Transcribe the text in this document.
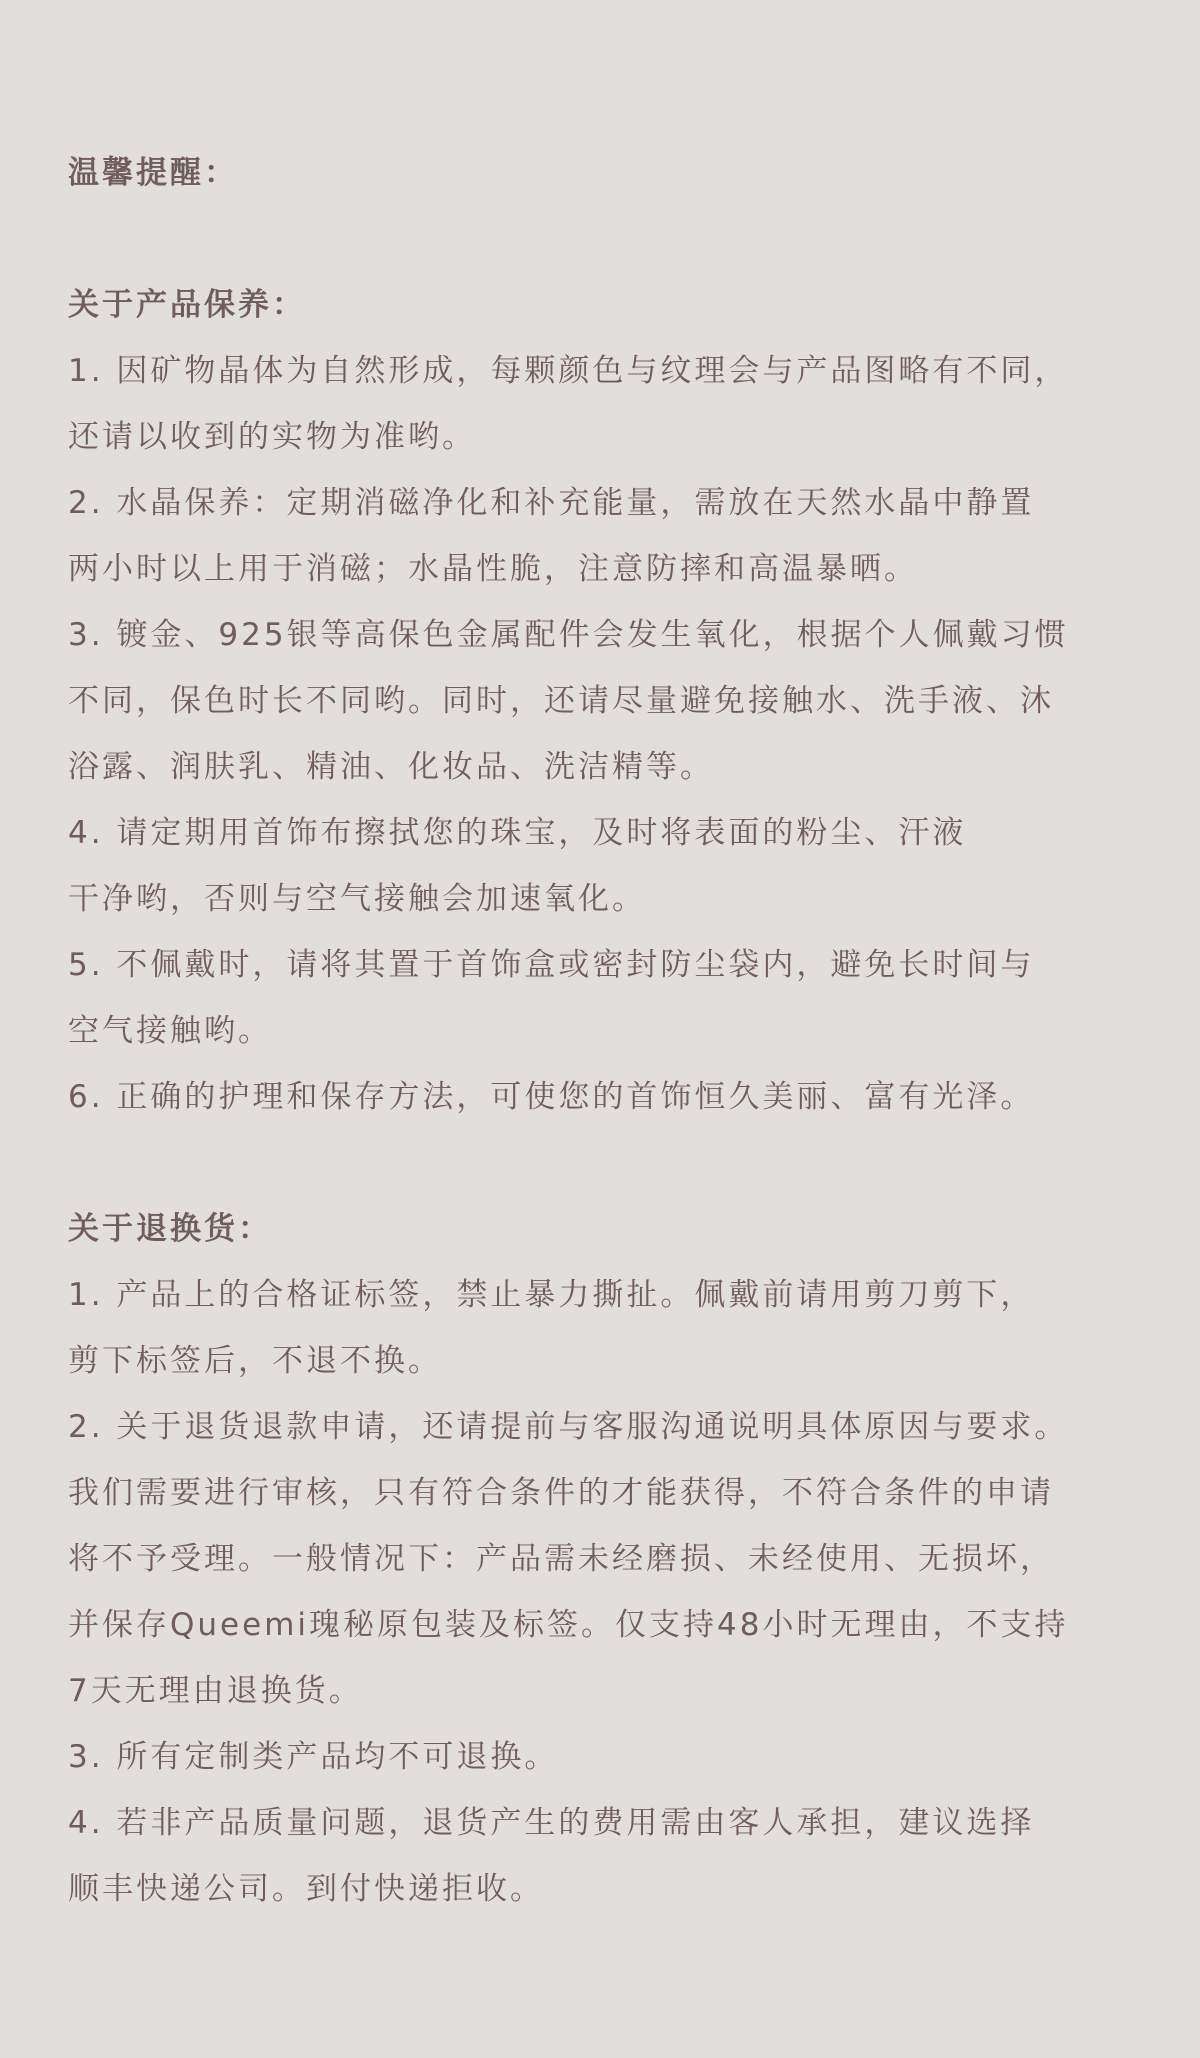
温馨提醒：
关于产品保养：
1. 因矿物晶体为自然形成，每颗颜色与纹理会与产品图略有不同，
还请以收到的实物为准哟。
2. 水晶保养：定期消磁净化和补充能量，需放在天然水晶中静置
两小时以上用于消磁；水晶性脆，注意防摔和高温暴晒。
3. 镀金、925银等高保色金属配件会发生氧化，根据个人佩戴习惯
不同，保色时长不同哟。同时，还请尽量避免接触水、洗手液、沐
浴露、润肤乳、精油、化妆品、洗洁精等。
4. 请定期用首饰布擦拭您的珠宝，及时将表面的粉尘、汗液
干净哟，否则与空气接触会加速氧化。
5. 不佩戴时，请将其置于首饰盒或密封防尘袋内，避免长时间与
空气接触哟。
6. 正确的护理和保存方法，可使您的首饰恒久美丽、富有光泽。
关于退换货：
1. 产品上的合格证标签，禁止暴力撕扯。佩戴前请用剪刀剪下，
剪下标签后，不退不换。
2. 关于退货退款申请，还请提前与客服沟通说明具体原因与要求。
我们需要进行审核，只有符合条件的才能获得，不符合条件的申请
将不予受理。一般情况下：产品需未经磨损、未经使用、无损坏，
并保存Queemi瑰秘原包装及标签。仅支持48小时无理由，不支持
7天无理由退换货。
3. 所有定制类产品均不可退换。
4. 若非产品质量问题，退货产生的费用需由客人承担，建议选择
顺丰快递公司。到付快递拒收。
